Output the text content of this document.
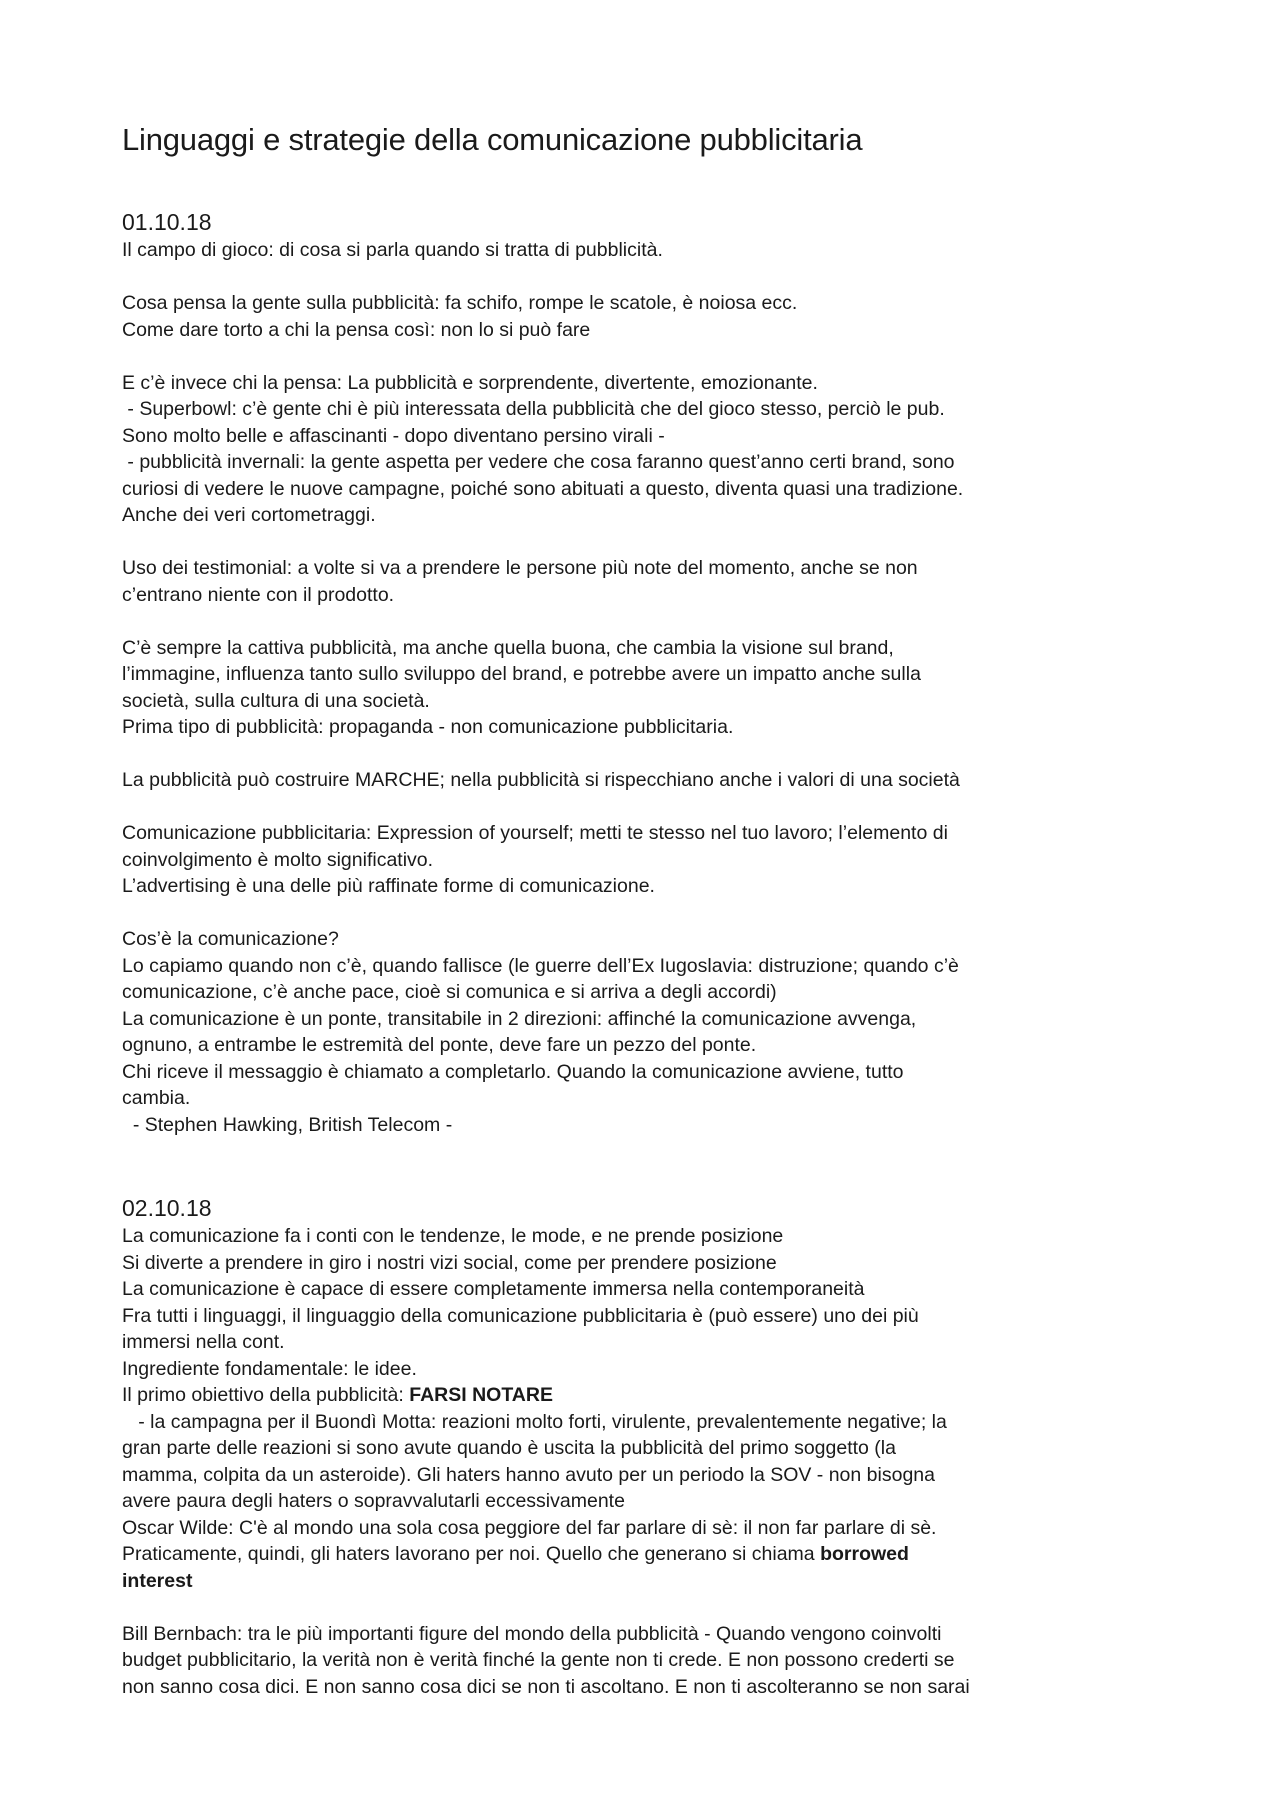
Linguaggi e strategie della comunicazione pubblicitaria

01.10.18

Il campo di gioco: di cosa si parla quando si tratta di pubblicità.

Cosa pensa la gente sulla pubblicità: fa schifo, rompe le scatole, è noiosa ecc.

Come dare torto a chi la pensa così: non lo si può fare

E c’è invece chi la pensa: La pubblicità e sorprendente, divertente, emozionante.

- Superbowl: c’è gente chi è più interessata della pubblicità che del gioco stesso, perciò le pub.

Sono molto belle e affascinanti - dopo diventano persino virali -

- pubblicità invernali: la gente aspetta per vedere che cosa faranno quest’anno certi brand, sono

curiosi di vedere le nuove campagne, poiché sono abituati a questo, diventa quasi una tradizione.

Anche dei veri cortometraggi.

Uso dei testimonial: a volte si va a prendere le persone più note del momento, anche se non

c’entrano niente con il prodotto.

C’è sempre la cattiva pubblicità, ma anche quella buona, che cambia la visione sul brand,

l’immagine, influenza tanto sullo sviluppo del brand, e potrebbe avere un impatto anche sulla

società, sulla cultura di una società.

Prima tipo di pubblicità: propaganda - non comunicazione pubblicitaria.

La pubblicità può costruire MARCHE; nella pubblicità si rispecchiano anche i valori di una società

Comunicazione pubblicitaria: Expression of yourself; metti te stesso nel tuo lavoro; l’elemento di

coinvolgimento è molto significativo.

L’advertising è una delle più raffinate forme di comunicazione.

Cos’è la comunicazione?

Lo capiamo quando non c’è, quando fallisce (le guerre dell’Ex Iugoslavia: distruzione; quando c’è

comunicazione, c’è anche pace, cioè si comunica e si arriva a degli accordi)

La comunicazione è un ponte, transitabile in 2 direzioni: affinché la comunicazione avvenga,

ognuno, a entrambe le estremità del ponte, deve fare un pezzo del ponte.

Chi riceve il messaggio è chiamato a completarlo. Quando la comunicazione avviene, tutto

cambia.

- Stephen Hawking, British Telecom -

02.10.18

La comunicazione fa i conti con le tendenze, le mode, e ne prende posizione

Si diverte a prendere in giro i nostri vizi social, come per prendere posizione

La comunicazione è capace di essere completamente immersa nella contemporaneità

Fra tutti i linguaggi, il linguaggio della comunicazione pubblicitaria è (può essere) uno dei più

immersi nella cont.

Ingrediente fondamentale: le idee.

Il primo obiettivo della pubblicità: FARSI NOTARE

- la campagna per il Buondì Motta: reazioni molto forti, virulente, prevalentemente negative; la

gran parte delle reazioni si sono avute quando è uscita la pubblicità del primo soggetto (la

mamma, colpita da un asteroide). Gli haters hanno avuto per un periodo la SOV - non bisogna

avere paura degli haters o sopravvalutarli eccessivamente

Oscar Wilde: C'è al mondo una sola cosa peggiore del far parlare di sè: il non far parlare di sè.

Praticamente, quindi, gli haters lavorano per noi. Quello che generano si chiama borrowed

interest

Bill Bernbach: tra le più importanti figure del mondo della pubblicità - Quando vengono coinvolti

budget pubblicitario, la verità non è verità finché la gente non ti crede. E non possono crederti se

non sanno cosa dici. E non sanno cosa dici se non ti ascoltano. E non ti ascolteranno se non sarai
